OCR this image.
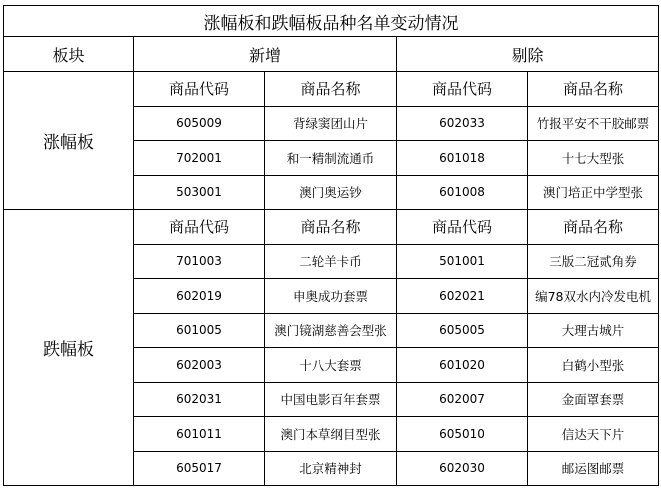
涨幅板和跌幅板品种名单变动情况				
板块	新增		剔除	
涨幅板	商品代码	商品名称	商品代码	商品名称
	605009	背绿窦团山片	602033	竹报平安不干胶邮票
	702001	和一精制流通币	601018	十七大型张
	503001	澳门奥运钞	601008	澳门培正中学型张
跌幅板	商品代码	商品名称	商品代码	商品名称
	701003	二轮羊卡币	501001	三版二冠贰角券
	602019	申奥成功套票	602021	编78双水内冷发电机
	601005	澳门镜湖慈善会型张	605005	大理古城片
	602003	十八大套票	601020	白鹤小型张
	602031	中国电影百年套票	602007	金面罩套票
	601011	澳门本草纲目型张	605010	信达天下片
	605017	北京精神封	602030	邮运图邮票
